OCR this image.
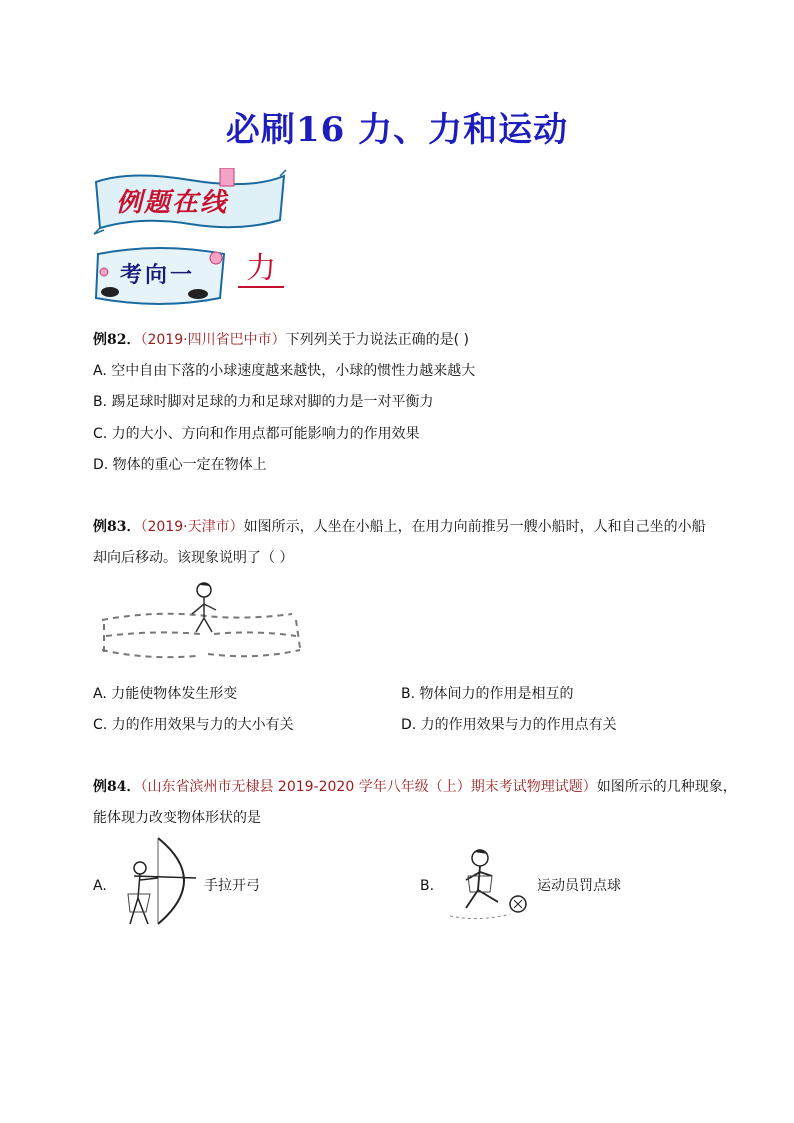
必刷16 力、力和运动
例题在线
考向一 力
例82．（2019·四川省巴中市）下列列关于力说法正确的是( )
A. 空中自由下落的小球速度越来越快，小球的惯性力越来越大
B. 踢足球时脚对足球的力和足球对脚的力是一对平衡力
C. 力的大小、方向和作用点都可能影响力的作用效果
D. 物体的重心一定在物体上
例83．（2019·天津市）如图所示，人坐在小船上，在用力向前推另一艘小船时，人和自己坐的小船
却向后移动。该现象说明了（ ）
A. 力能使物体发生形变	B. 物体间力的作用是相互的
C. 力的作用效果与力的大小有关	D. 力的作用效果与力的作用点有关
例84．（山东省滨州市无棣县 2019-2020 学年八年级（上）期末考试物理试题）如图所示的几种现象，
能体现力改变物体形状的是
A.	手拉开弓	B.	运动员罚点球
